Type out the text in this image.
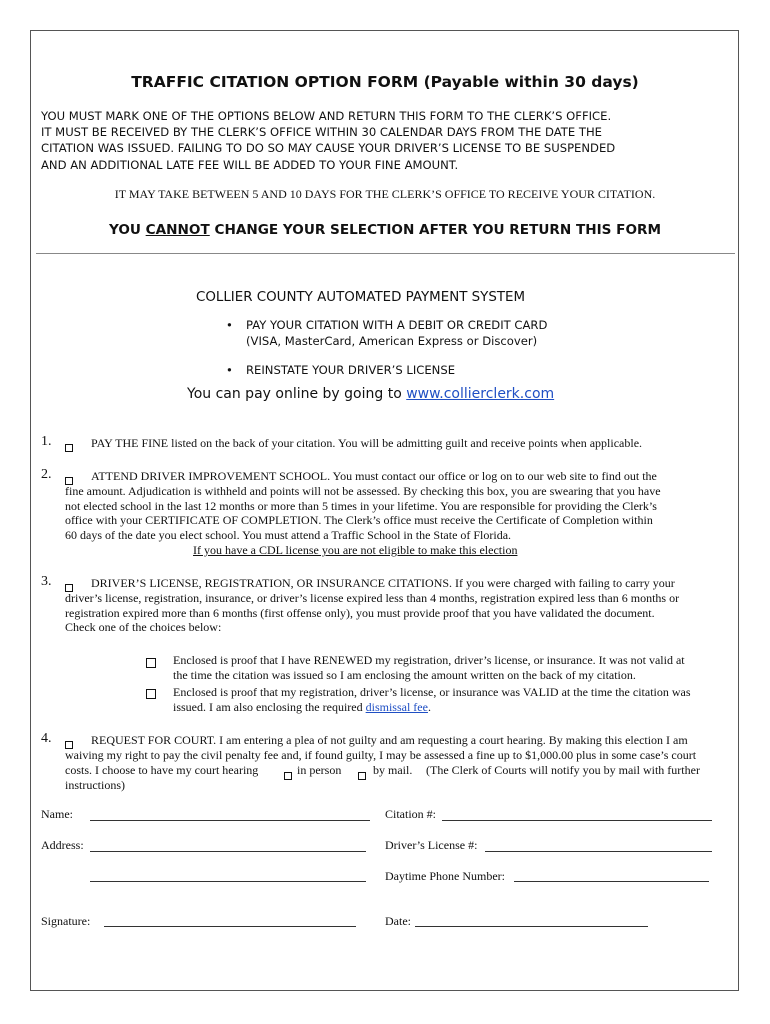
TRAFFIC CITATION OPTION FORM (Payable within 30 days)
YOU MUST MARK ONE OF THE OPTIONS BELOW AND RETURN THIS FORM TO THE CLERK’S OFFICE.
IT MUST BE RECEIVED BY THE CLERK’S OFFICE WITHIN 30 CALENDAR DAYS FROM THE DATE THE
CITATION WAS ISSUED. FAILING TO DO SO MAY CAUSE YOUR DRIVER’S LICENSE TO BE SUSPENDED
AND AN ADDITIONAL LATE FEE WILL BE ADDED TO YOUR FINE AMOUNT.
IT MAY TAKE BETWEEN 5 AND 10 DAYS FOR THE CLERK’S OFFICE TO RECEIVE YOUR CITATION.
YOU CANNOT CHANGE YOUR SELECTION AFTER YOU RETURN THIS FORM
COLLIER COUNTY AUTOMATED PAYMENT SYSTEM
• PAY YOUR CITATION WITH A DEBIT OR CREDIT CARD
(VISA, MasterCard, American Express or Discover)
• REINSTATE YOUR DRIVER’S LICENSE
You can pay online by going to www.collierclerk.com
1.	PAY THE FINE listed on the back of your citation. You will be admitting guilt and receive points when applicable.
2.	ATTEND DRIVER IMPROVEMENT SCHOOL. You must contact our office or log on to our web site to find out the
fine amount. Adjudication is withheld and points will not be assessed. By checking this box, you are swearing that you have
not elected school in the last 12 months or more than 5 times in your lifetime. You are responsible for providing the Clerk’s
office with your CERTIFICATE OF COMPLETION. The Clerk’s office must receive the Certificate of Completion within
60 days of the date you elect school. You must attend a Traffic School in the State of Florida.
If you have a CDL license you are not eligible to make this election
3.	DRIVER’S LICENSE, REGISTRATION, OR INSURANCE CITATIONS. If you were charged with failing to carry your
driver’s license, registration, insurance, or driver’s license expired less than 4 months, registration expired less than 6 months or
registration expired more than 6 months (first offense only), you must provide proof that you have validated the document.
Check one of the choices below:
Enclosed is proof that I have RENEWED my registration, driver’s license, or insurance. It was not valid at
the time the citation was issued so I am enclosing the amount written on the back of my citation.
Enclosed is proof that my registration, driver’s license, or insurance was VALID at the time the citation was
issued. I am also enclosing the required dismissal fee.
4.	REQUEST FOR COURT. I am entering a plea of not guilty and am requesting a court hearing. By making this election I am
waiving my right to pay the civil penalty fee and, if found guilty, I may be assessed a fine up to $1,000.00 plus in some case’s court
costs. I choose to have my court hearing	in person	by mail. (The Clerk of Courts will notify you by mail with further
instructions)
Name:	Citation #:
Address:	Driver’s License #:
Daytime Phone Number:
Signature:	Date:
